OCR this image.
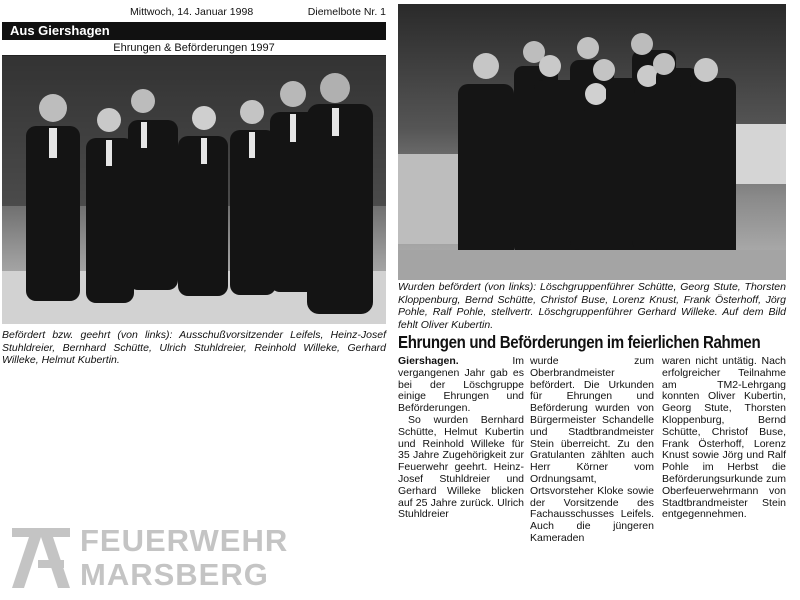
Mittwoch, 14. Januar 1998	Diemelbote Nr. 1
Aus Giershagen
Ehrungen & Beförderungen 1997
Befördert bzw. geehrt (von links): Ausschußvorsitzender Leifels, Heinz-Josef Stuhldreier, Bernhard Schütte, Ulrich Stuhldreier, Reinhold Willeke, Gerhard Willeke, Helmut Kubertin.
Wurden befördert (von links): Löschgruppenführer Schütte, Georg Stute, Thorsten Kloppenburg, Bernd Schütte, Christof Buse, Lorenz Knust, Frank Österhoff, Jörg Pohle, Ralf Pohle, stellvertr. Löschgruppenführer Gerhard Willeke. Auf dem Bild fehlt Oliver Kubertin.
Ehrungen und Beförderungen im feierlichen Rahmen

Giershagen.	Im vergangenen Jahr gab es bei der Löschgruppe einige Ehrungen und Beförderungen.

So wurden Bernhard Schütte, Helmut Kubertin und Reinhold Willeke für 35 Jahre Zugehörigkeit zur Feuerwehr geehrt. Heinz-Josef Stuhldreier und Gerhard Willeke blicken auf 25 Jahre zurück. Ulrich Stuhldreier

wurde zum Oberbrandmeister befördert. Die Urkunden für Ehrungen und Beförderung wurden von Bürgermeister Schandelle und Stadtbrandmeister Stein überreicht. Zu den Gratulanten zählten auch Herr Körner vom Ordnungsamt, Ortsvorsteher Kloke sowie der Vorsitzende des Fachausschusses Leifels. Auch die jüngeren Kameraden

waren nicht untätig. Nach erfolgreicher Teilnahme am TM2-Lehrgang konnten Oliver Kubertin, Georg Stute, Thorsten Kloppenburg, Bernd Schütte, Christof Buse, Frank Österhoff, Lorenz Knust sowie Jörg und Ralf Pohle im Herbst die Beförderungsurkunde zum Oberfeuerwehrmann von Stadtbrandmeister Stein entgegennehmen.

FEUERWEHR
MARSBERG
